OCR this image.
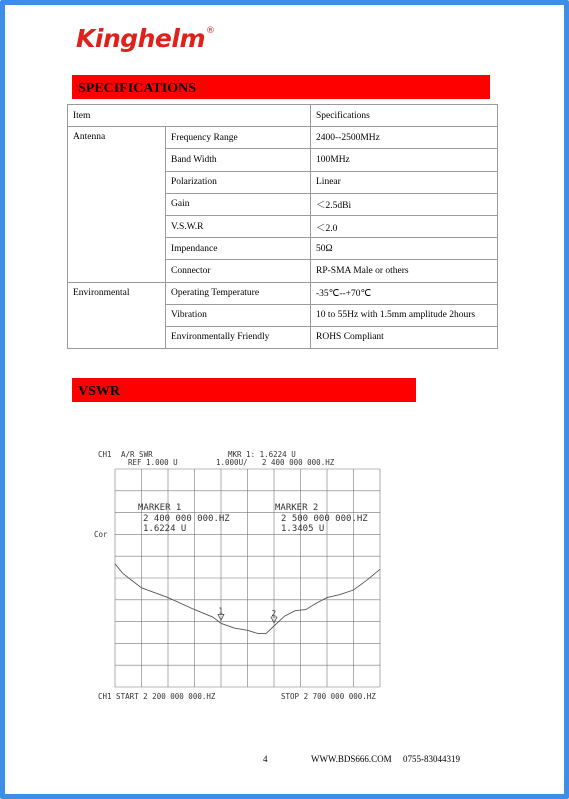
Kinghelm®
SPECIFICATIONS
Item		Specifications
Antenna	Frequency Range	2400--2500MHz
	Band Width	100MHz
	Polarization	Linear
	Gain	＜2.5dBi
	V.S.W.R	＜2.0
	Impendance	50Ω
	Connector	RP-SMA Male or others
Environmental	Operating Temperature	-35℃--+70℃
	Vibration	10 to 55Hz with 1.5mm amplitude 2hours
	Environmentally Friendly	ROHS Compliant
VSWR
CH1 A/R SWR
REF 1.000 U
MKR 1: 1.6224 U
1.000U/ 2 400 000 000.HZ
Cor
MARKER 1
2 400 000 000.HZ
1.6224 U
MARKER 2
2 500 000 000.HZ
1.3405 U
1	2
CH1 START 2 200 000 000.HZ	STOP 2 700 000 000.HZ
4	WWW.BDS666.COM 0755-83044319
